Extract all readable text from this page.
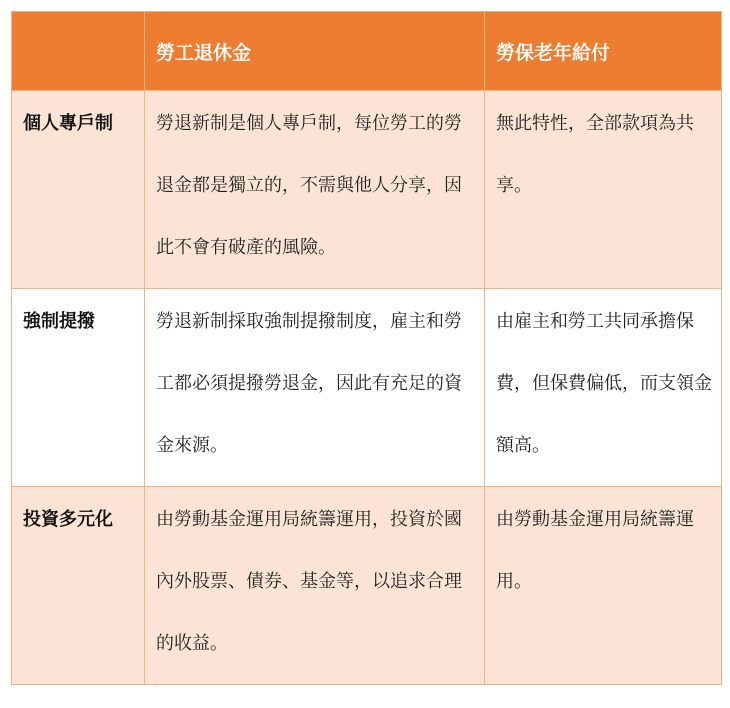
	勞工退休金	勞保老年給付

個人專戶制	勞退新制是個人專戶制，每位勞工的勞退金都是獨立的，不需與他人分享，因此不會有破產的風險。	無此特性，全部款項為共享。

強制提撥	勞退新制採取強制提撥制度，雇主和勞工都必須提撥勞退金，因此有充足的資金來源。	由雇主和勞工共同承擔保費，但保費偏低，而支領金額高。

投資多元化	由勞動基金運用局統籌運用，投資於國內外股票、債券、基金等，以追求合理的收益。	由勞動基金運用局統籌運用。
